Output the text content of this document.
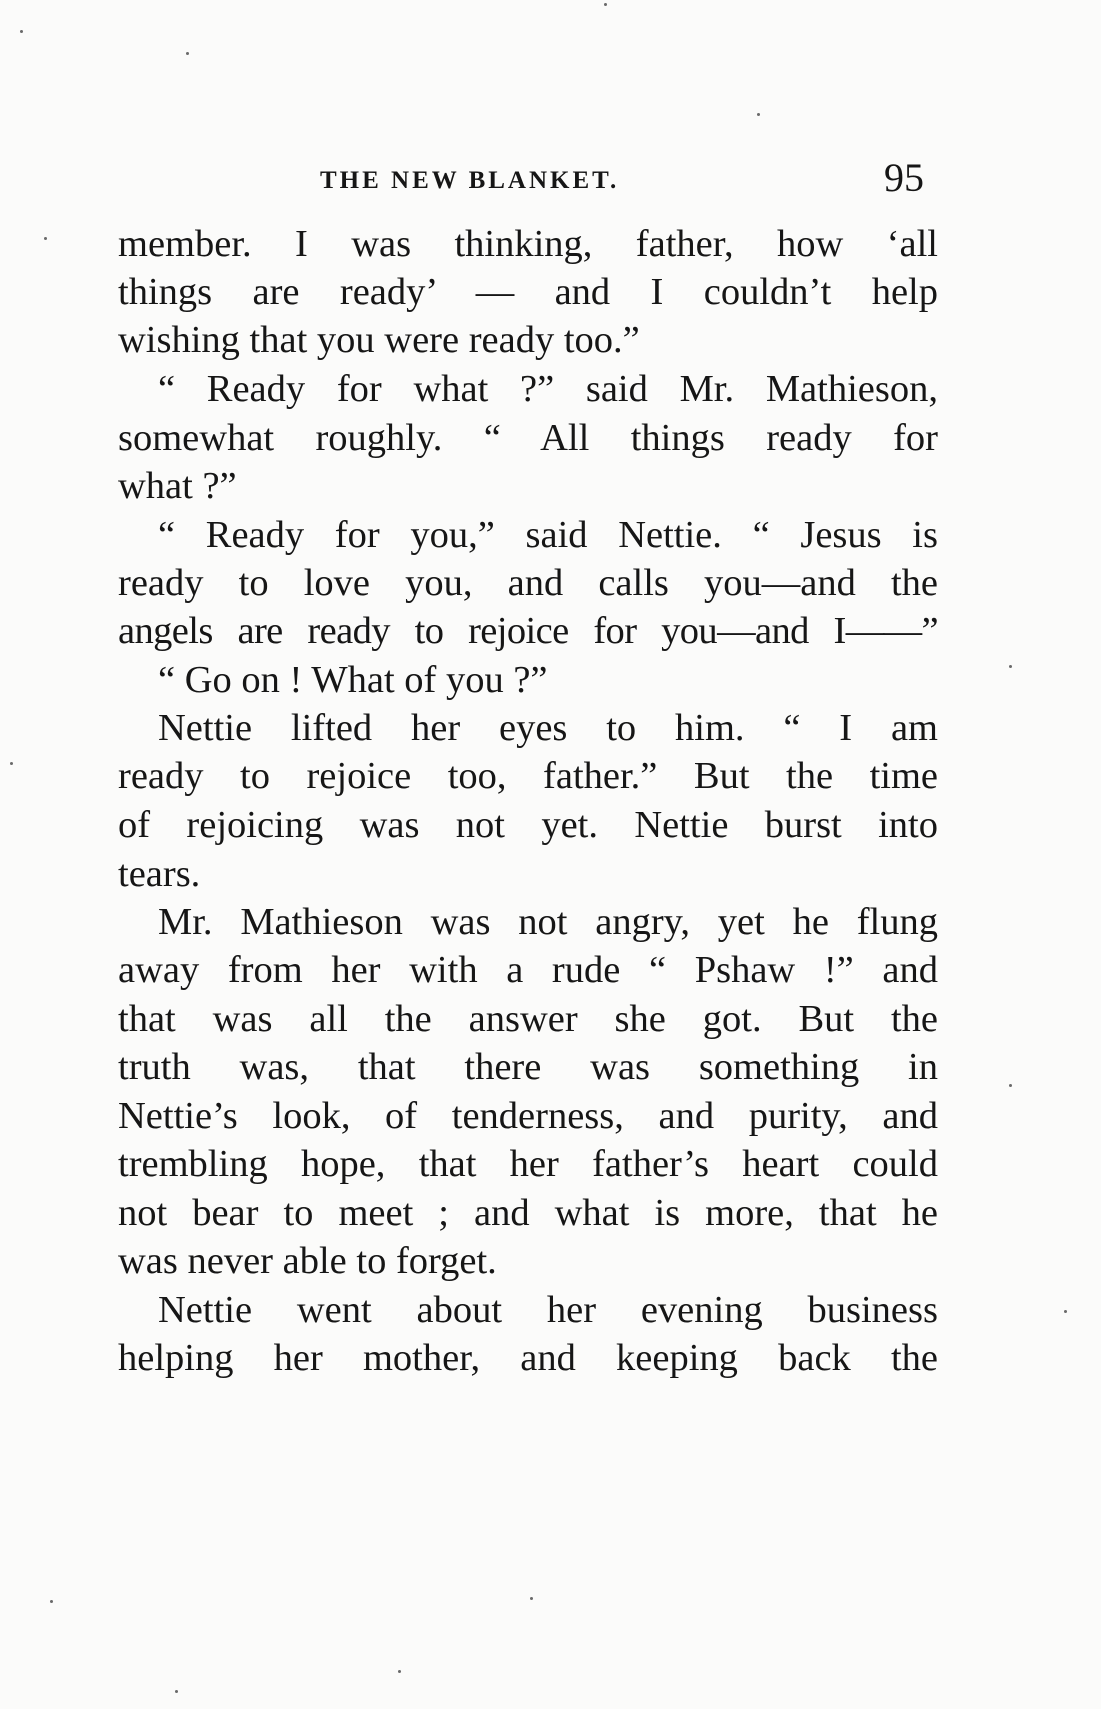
THE NEW BLANKET.	95
member. I was thinking, father, how ‘all
things are ready’ — and I couldn’t help
wishing that you were ready too.”
“ Ready for what ?” said Mr. Mathieson,
somewhat roughly. “ All things ready for
what ?”
“ Ready for you,” said Nettie. “ Jesus is
ready to love you, and calls you—and the
angels are ready to rejoice for you—and I——”
“ Go on ! What of you ?”
Nettie lifted her eyes to him. “ I am
ready to rejoice too, father.” But the time
of rejoicing was not yet. Nettie burst into
tears.
Mr. Mathieson was not angry, yet he flung
away from her with a rude “ Pshaw !” and
that was all the answer she got. But the
truth was, that there was something in
Nettie’s look, of tenderness, and purity, and
trembling hope, that her father’s heart could
not bear to meet ; and what is more, that he
was never able to forget.
Nettie went about her evening business
helping her mother, and keeping back the
